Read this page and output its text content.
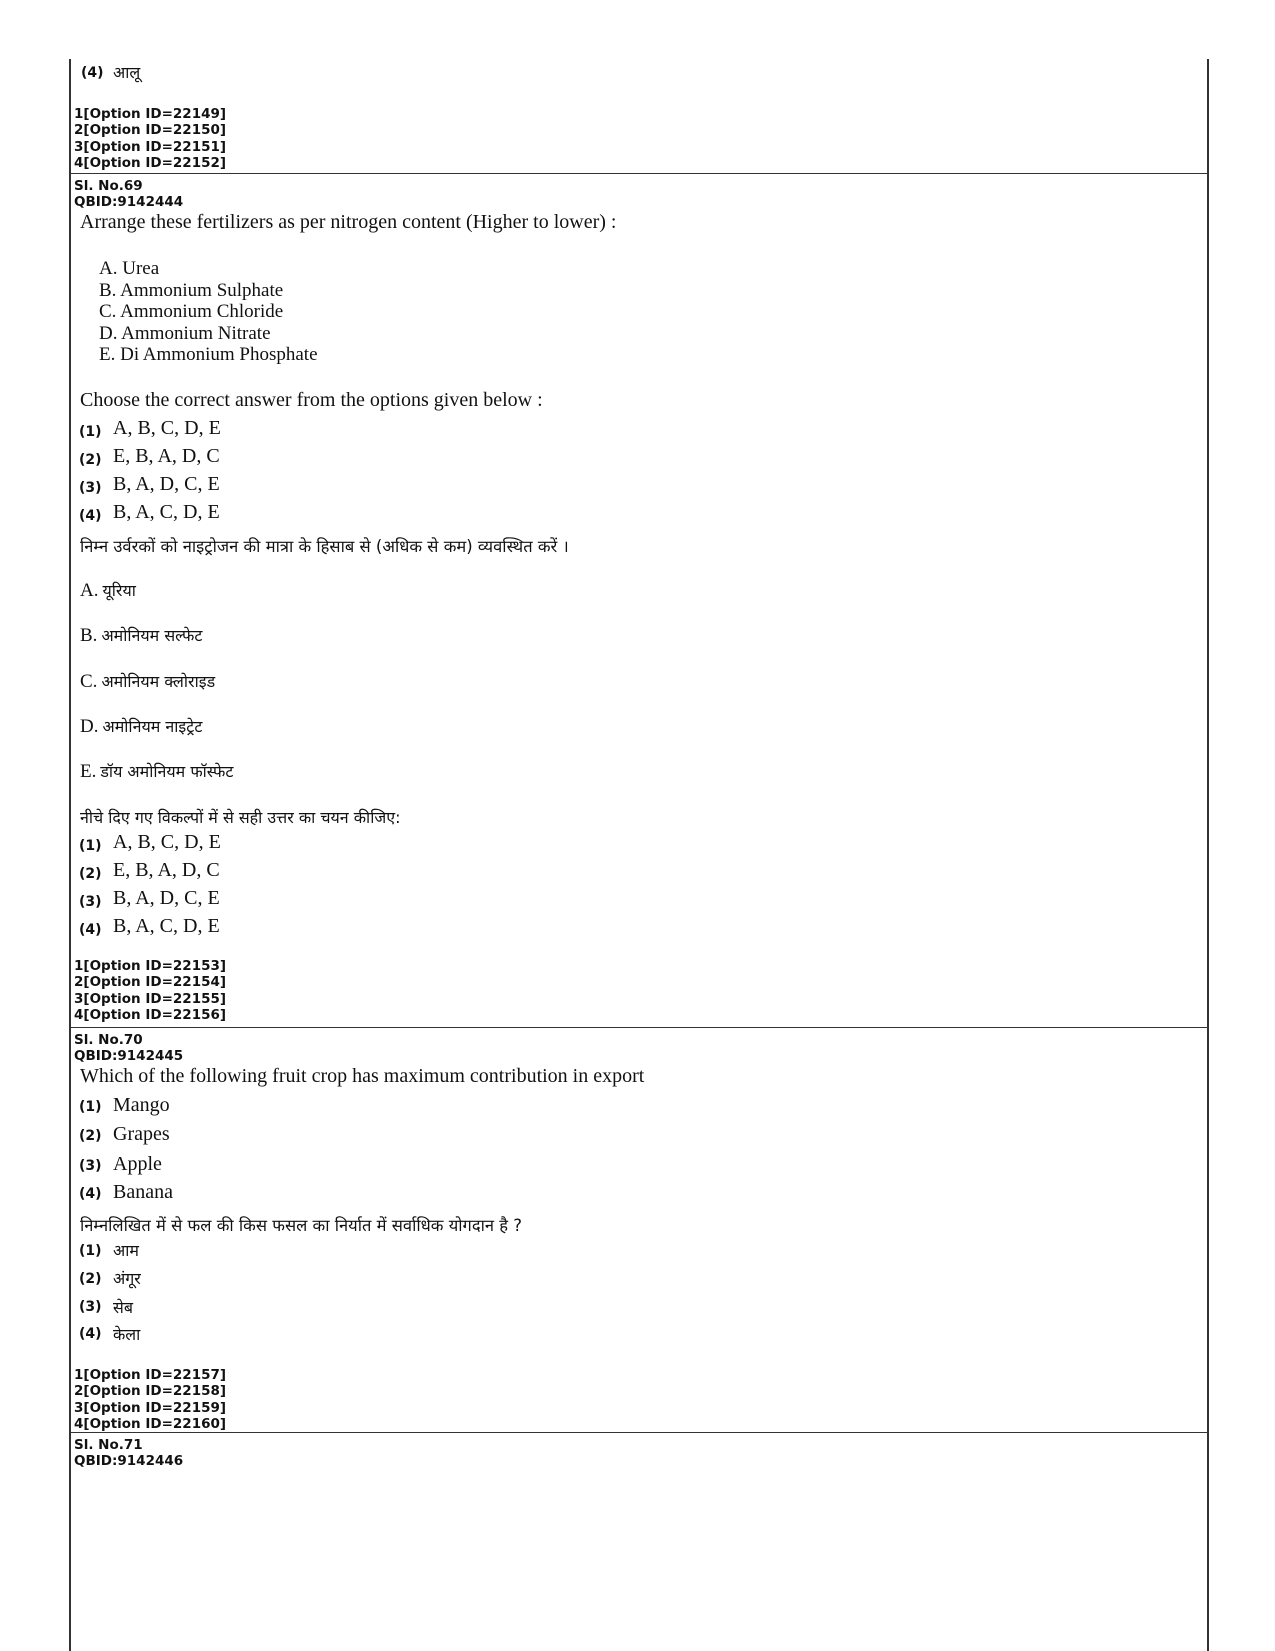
(4) आलू
1[Option ID=22149]
2[Option ID=22150]
3[Option ID=22151]
4[Option ID=22152]
Sl. No.69
QBID:9142444
Arrange these fertilizers as per nitrogen content (Higher to lower) :
A. Urea
B. Ammonium Sulphate
C. Ammonium Chloride
D. Ammonium Nitrate
E. Di Ammonium Phosphate
Choose the correct answer from the options given below :
(1) A, B, C, D, E
(2) E, B, A, D, C
(3) B, A, D, C, E
(4) B, A, C, D, E
निम्न उर्वरकों को नाइट्रोजन की मात्रा के हिसाब से (अधिक से कम) व्यवस्थित करें ।
A. यूरिया
B. अमोनियम सल्फेट
C. अमोनियम क्लोराइड
D. अमोनियम नाइट्रेट
E. डॉय अमोनियम फॉस्फेट
नीचे दिए गए विकल्पों में से सही उत्तर का चयन कीजिए:
(1) A, B, C, D, E
(2) E, B, A, D, C
(3) B, A, D, C, E
(4) B, A, C, D, E
1[Option ID=22153]
2[Option ID=22154]
3[Option ID=22155]
4[Option ID=22156]
Sl. No.70
QBID:9142445
Which of the following fruit crop has maximum contribution in export
(1) Mango
(2) Grapes
(3) Apple
(4) Banana
निम्नलिखित में से फल की किस फसल का निर्यात में सर्वाधिक योगदान है ?
(1) आम
(2) अंगूर
(3) सेब
(4) केला
1[Option ID=22157]
2[Option ID=22158]
3[Option ID=22159]
4[Option ID=22160]
Sl. No.71
QBID:9142446
